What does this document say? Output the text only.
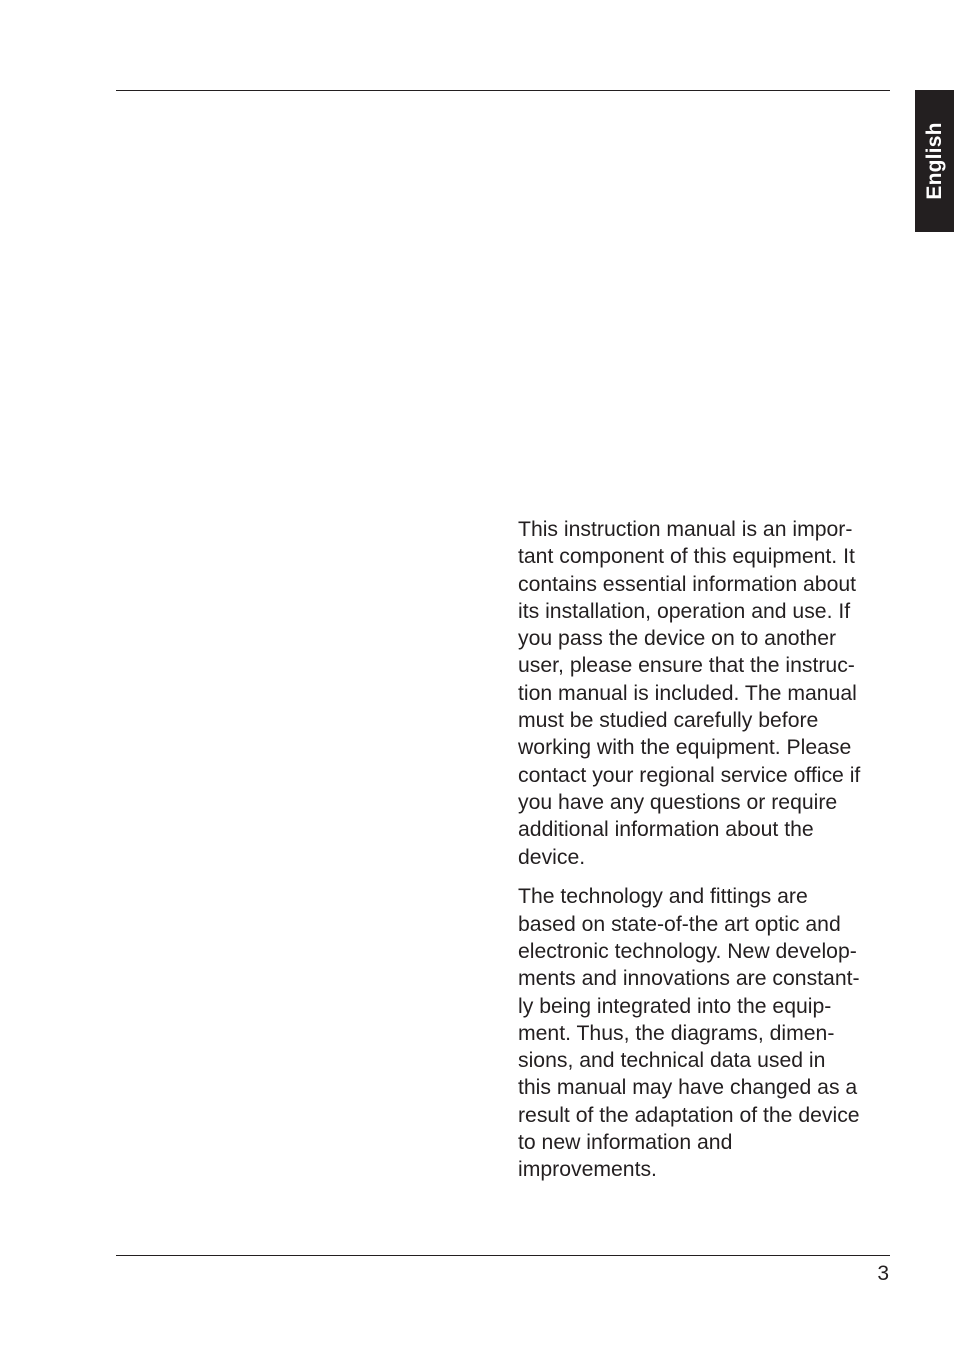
English

This instruction manual is an impor-
tant component of this equipment. It
contains essential information about
its installation, operation and use. If
you pass the device on to another
user, please ensure that the instruc-
tion manual is included. The manual
must be studied carefully before
working with the equipment. Please
contact your regional service office if
you have any questions or require
additional information about the
device.

The technology and fittings are
based on state-of-the art optic and
electronic technology. New develop-
ments and innovations are constant-
ly being integrated into the equip-
ment. Thus, the diagrams, dimen-
sions, and technical data used in
this manual may have changed as a
result of the adaptation of the device
to new information and
improvements.

3
